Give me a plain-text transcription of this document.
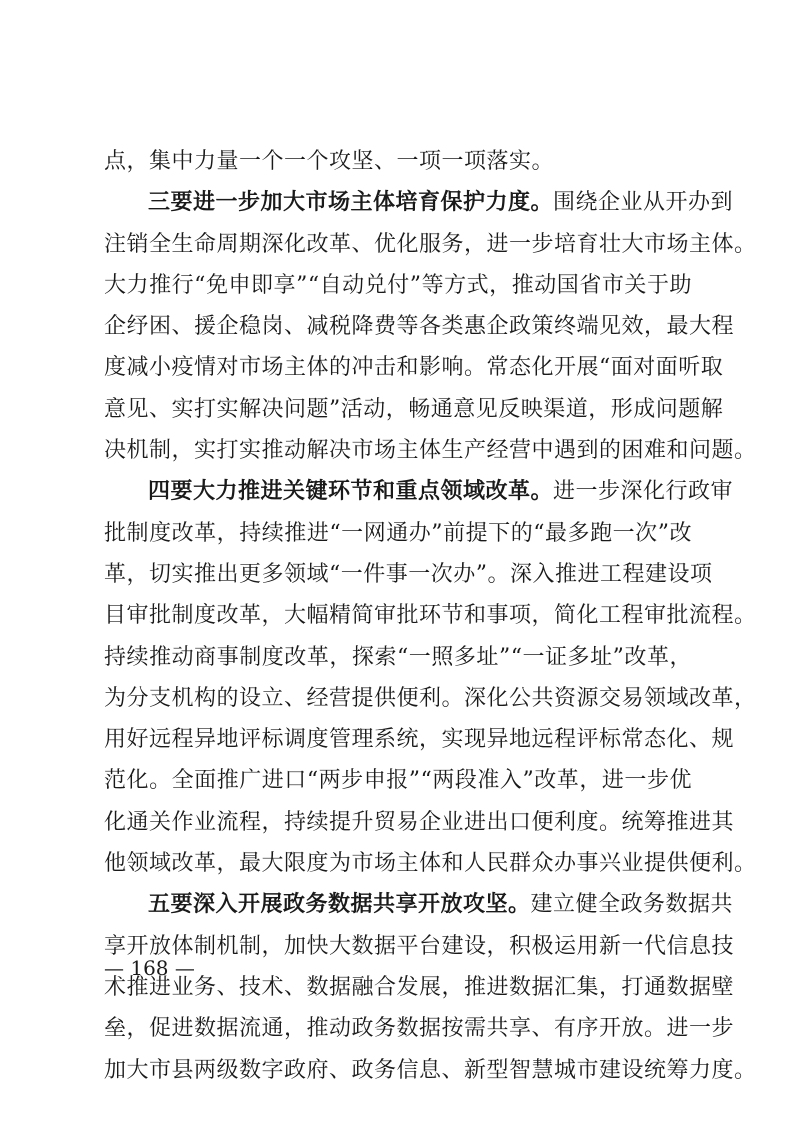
点，集中力量一个一个攻坚、一项一项落实。
三要进一步加大市场主体培育保护力度。围绕企业从开办到
注销全生命周期深化改革、优化服务，进一步培育壮大市场主体。
大力推行“免申即享”“自动兑付”等方式，推动国省市关于助
企纾困、援企稳岗、减税降费等各类惠企政策终端见效，最大程
度减小疫情对市场主体的冲击和影响。常态化开展“面对面听取
意见、实打实解决问题”活动，畅通意见反映渠道，形成问题解
决机制，实打实推动解决市场主体生产经营中遇到的困难和问题。
四要大力推进关键环节和重点领域改革。进一步深化行政审
批制度改革，持续推进“一网通办”前提下的“最多跑一次”改
革，切实推出更多领域“一件事一次办”。深入推进工程建设项
目审批制度改革，大幅精简审批环节和事项，简化工程审批流程。
持续推动商事制度改革，探索“一照多址”“一证多址”改革，
为分支机构的设立、经营提供便利。深化公共资源交易领域改革，
用好远程异地评标调度管理系统，实现异地远程评标常态化、规
范化。全面推广进口“两步申报”“两段准入”改革，进一步优
化通关作业流程，持续提升贸易企业进出口便利度。统筹推进其
他领域改革，最大限度为市场主体和人民群众办事兴业提供便利。
五要深入开展政务数据共享开放攻坚。建立健全政务数据共
享开放体制机制，加快大数据平台建设，积极运用新一代信息技
术推进业务、技术、数据融合发展，推进数据汇集，打通数据壁
垒，促进数据流通，推动政务数据按需共享、有序开放。进一步
加大市县两级数字政府、政务信息、新型智慧城市建设统筹力度。
— 168 —
